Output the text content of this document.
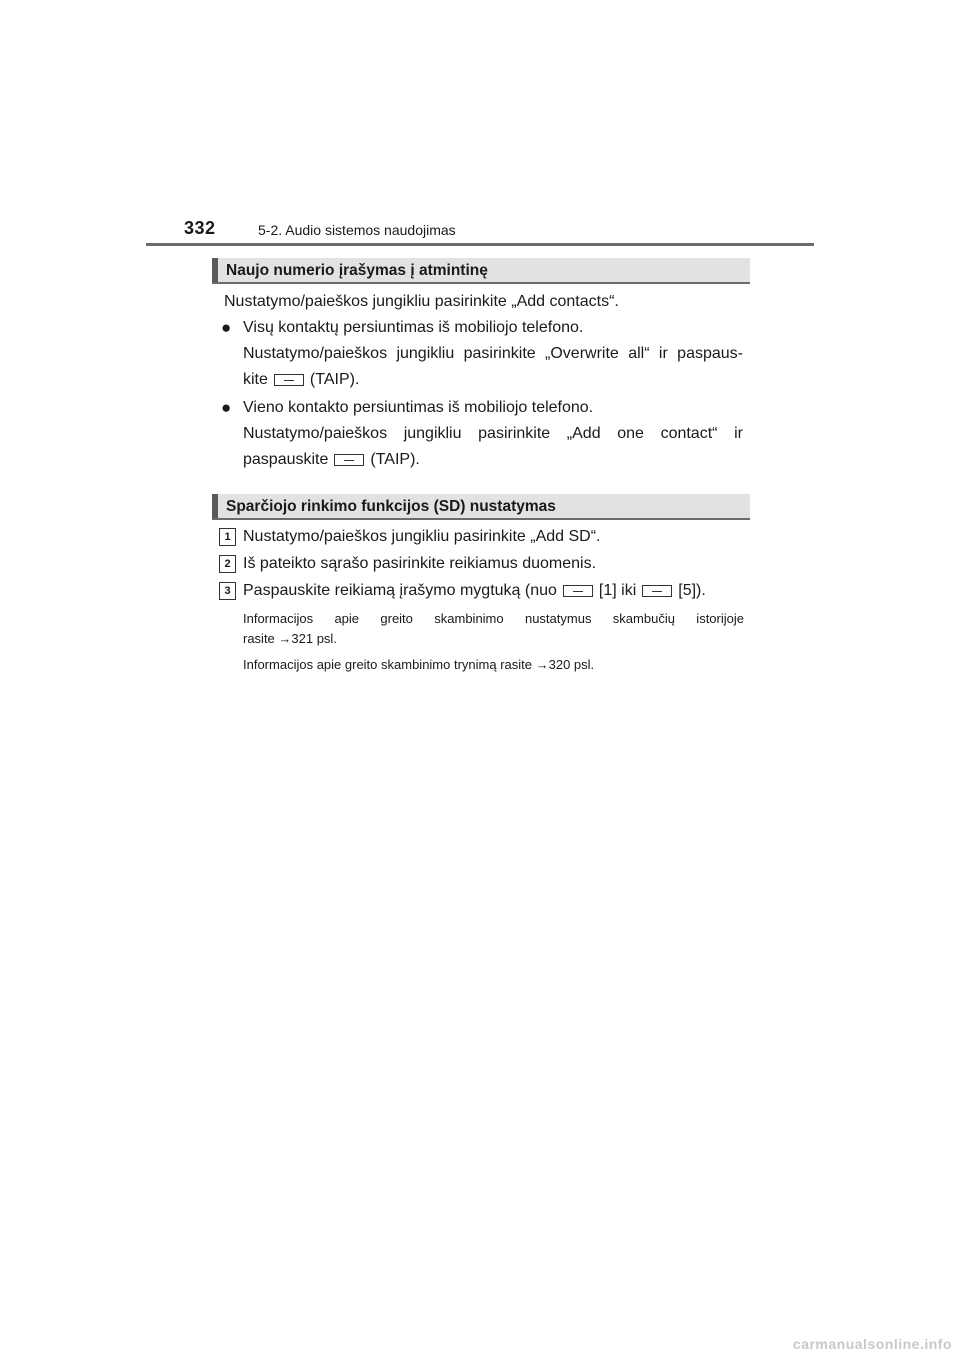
332	5-2. Audio sistemos naudojimas
Naujo numerio įrašymas į atmintinę
Nustatymo/paieškos jungikliu pasirinkite „Add contacts“.
● Visų kontaktų persiuntimas iš mobiliojo telefono.
Nustatymo/paieškos jungikliu pasirinkite „Overwrite all“ ir paspaus-
kite	(TAIP).
● Vieno kontakto persiuntimas iš mobiliojo telefono.
Nustatymo/paieškos jungikliu pasirinkite „Add one contact“ ir
paspauskite	(TAIP).
Sparčiojo rinkimo funkcijos (SD) nustatymas
1 Nustatymo/paieškos jungikliu pasirinkite „Add SD“.
2 Iš pateikto sąrašo pasirinkite reikiamus duomenis.
3 Paspauskite reikiamą įrašymo mygtuką (nuo	[1] iki	[5]).
Informacijos apie greito skambinimo nustatymus skambučių istorijoje
rasite →321 psl.
Informacijos apie greito skambinimo trynimą rasite →320 psl.
carmanualsonline.info
